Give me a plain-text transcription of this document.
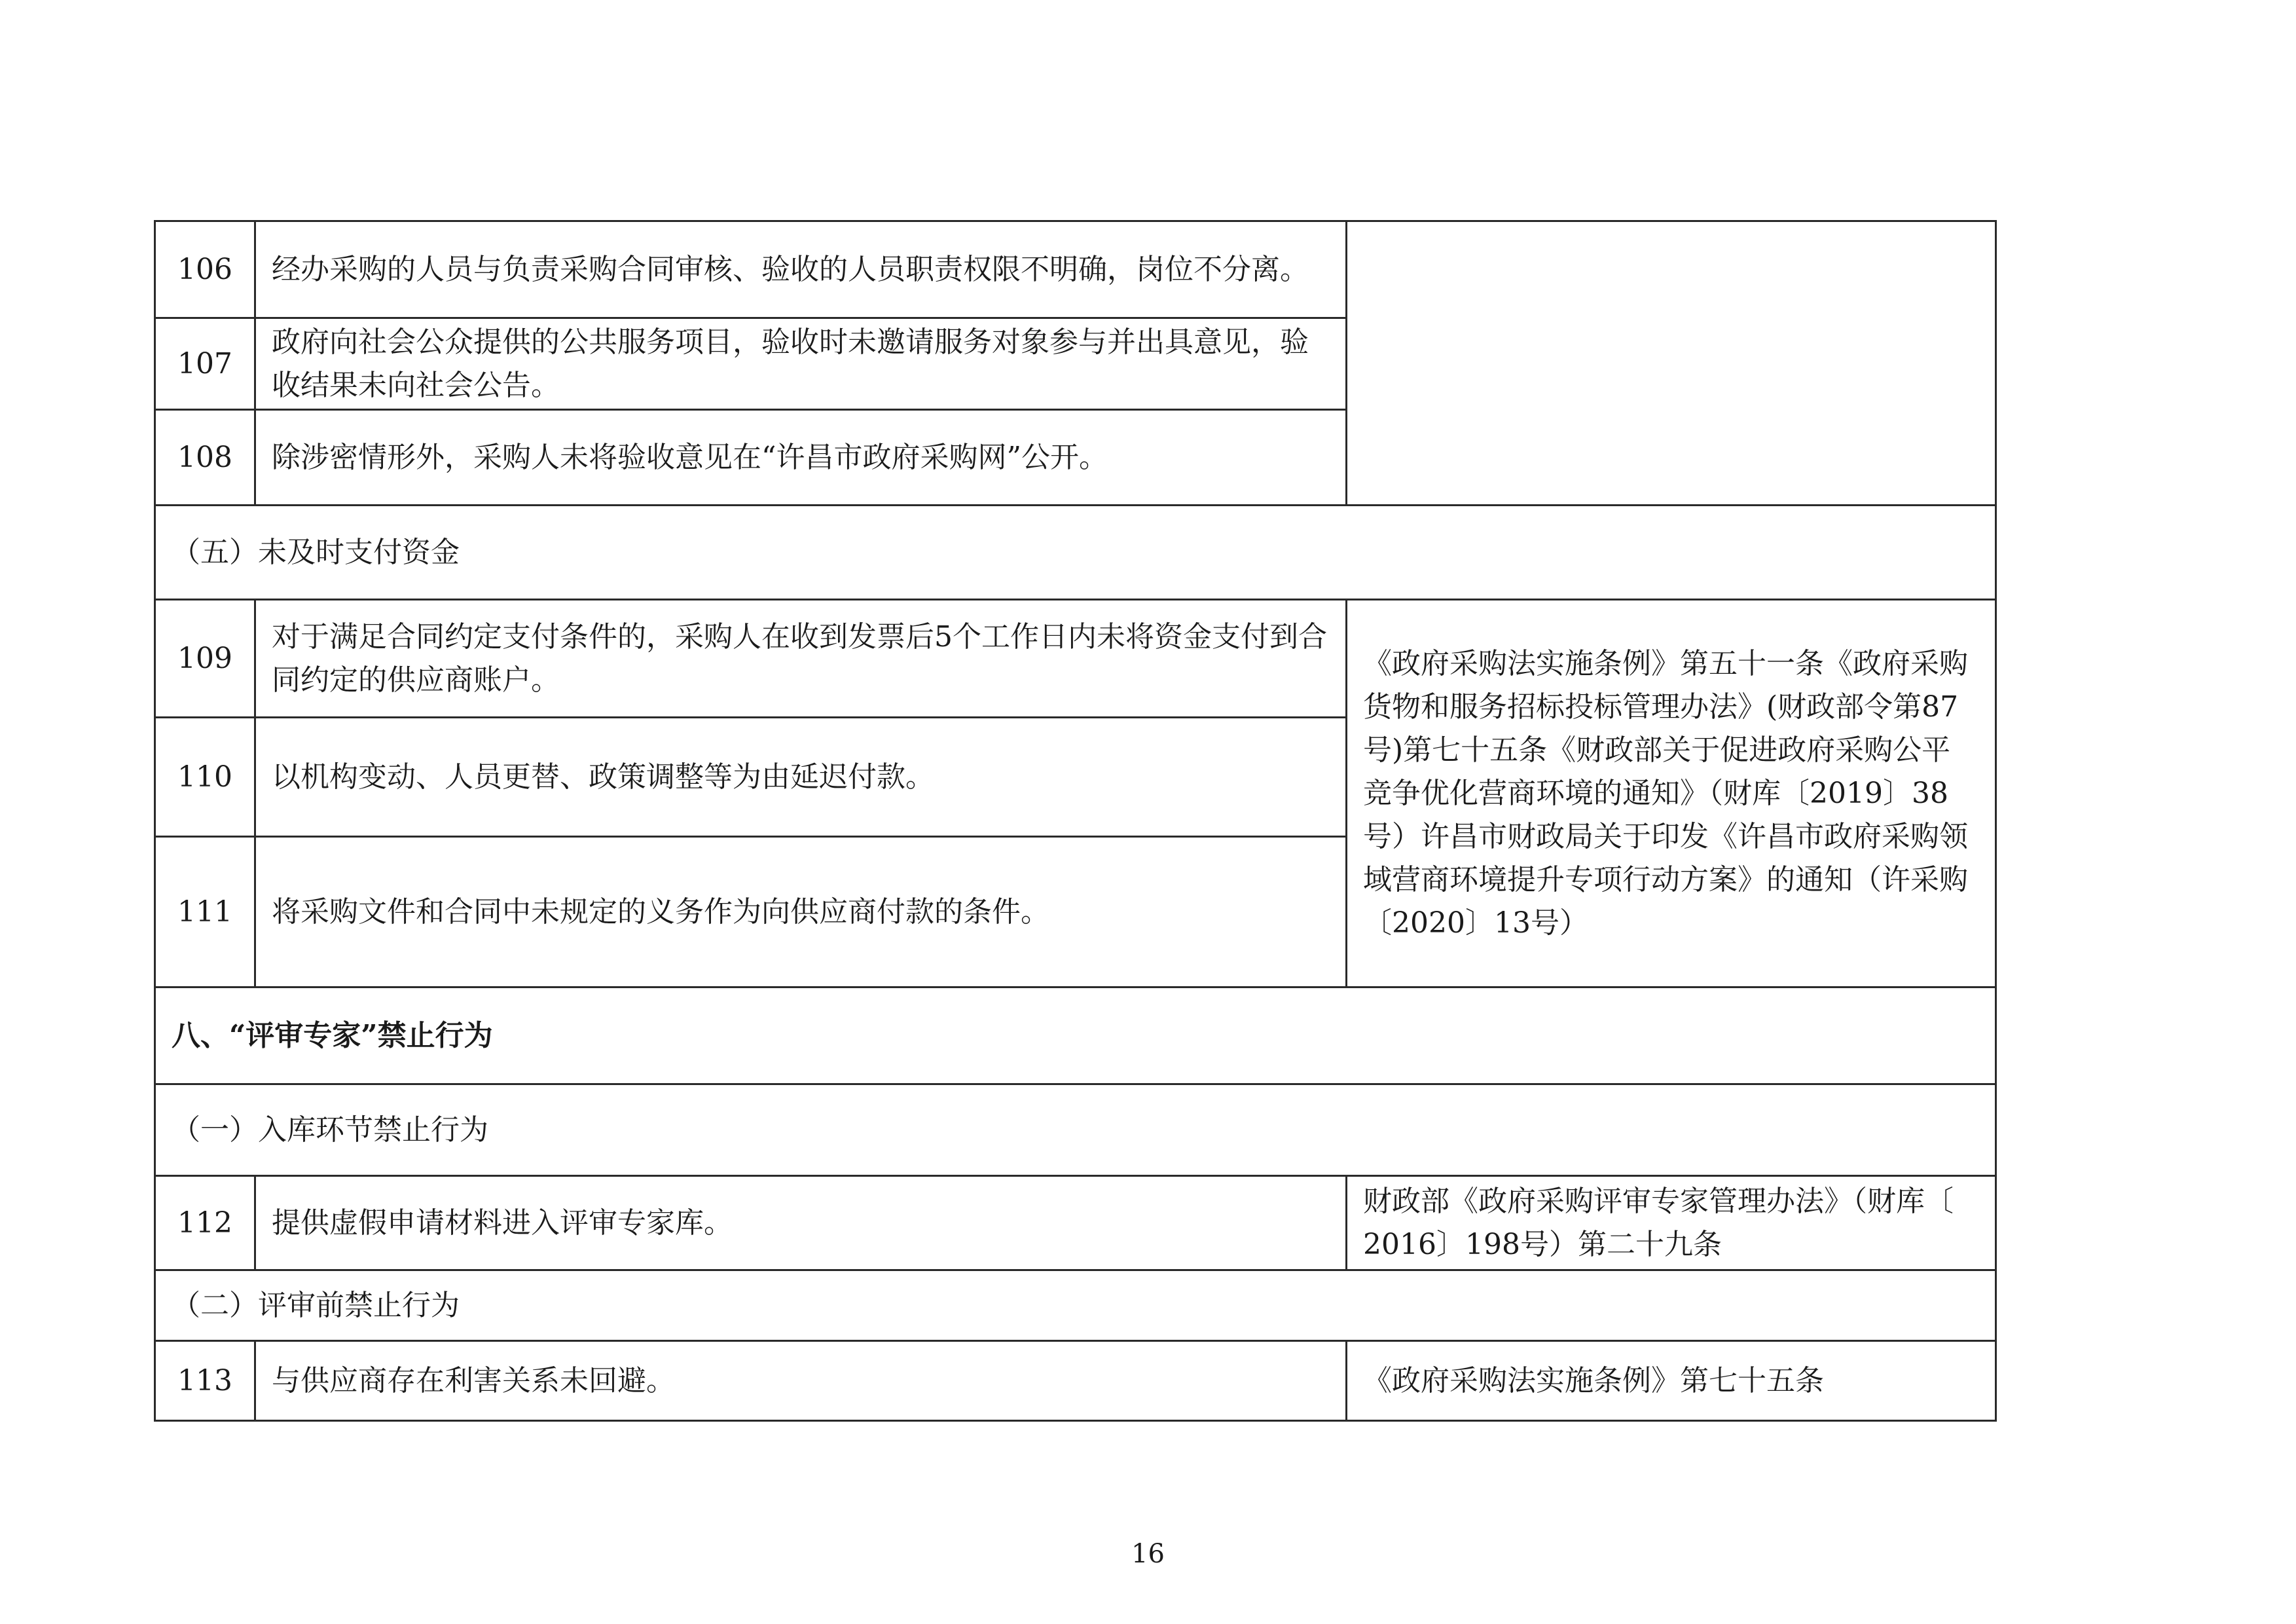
106	经办采购的人员与负责采购合同审核、验收的人员职责权限不明确，岗位不分离。	
107	政府向社会公众提供的公共服务项目，验收时未邀请服务对象参与并出具意见，验收结果未向社会公告。	
108	除涉密情形外，采购人未将验收意见在“许昌市政府采购网”公开。	
（五）未及时支付资金		
109	对于满足合同约定支付条件的，采购人在收到发票后5个工作日内未将资金支付到合同约定的供应商账户。	《政府采购法实施条例》第五十一条《政府采购货物和服务招标投标管理办法》(财政部令第87号)第七十五条《财政部关于促进政府采购公平竞争优化营商环境的通知》（财库〔2019〕38号）许昌市财政局关于印发《许昌市政府采购领域营商环境提升专项行动方案》的通知（许采购〔2020〕13号）
110	以机构变动、人员更替、政策调整等为由延迟付款。	
111	将采购文件和合同中未规定的义务作为向供应商付款的条件。	
八、“评审专家”禁止行为		
（一）入库环节禁止行为		
112	提供虚假申请材料进入评审专家库。	财政部《政府采购评审专家管理办法》（财库〔 2016〕198号）第二十九条
（二）评审前禁止行为		
113	与供应商存在利害关系未回避。	《政府采购法实施条例》第七十五条
16
